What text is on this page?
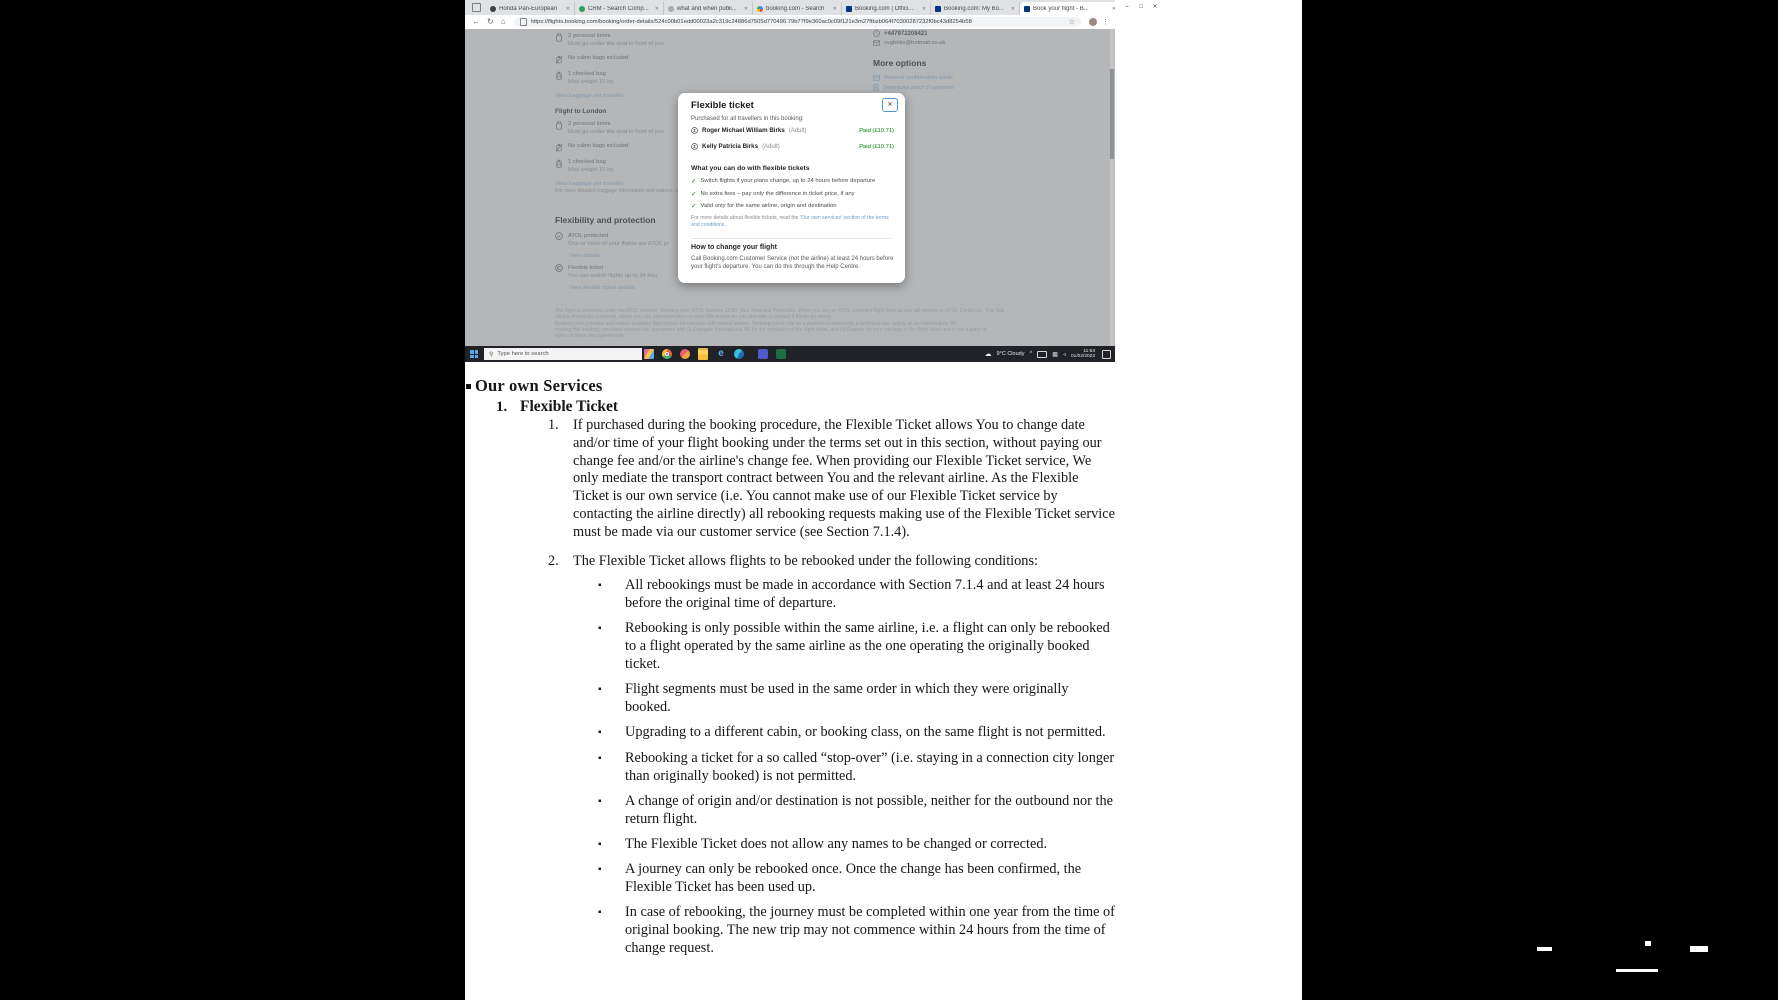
Honda Pan-European	✕	CRM - Search Comp...	✕	what and when publi...	✕	booking.com - Search	✕	Booking.com | Offici...	✕	Booking.com: My Bo...	✕	Book your flight - B...	✕	–	□	✕
← ↻ ⌂	https://flights.booking.com/booking/order-details/524c00b01edd00023a2c319c24886d7505d770496.79b77f9e360ac0c09f121e3m27ftbzb064f70300287232f0bc43d8254b58	☆	⋮
2 personal items
Must go under the seat in front of you
No cabin bags included
1 checked bag
Max weight 10 kg
View baggage per traveller
Flight to London
2 personal items
Must go under the seat in front of you
No cabin bags included
1 checked bag
Max weight 10 kg
View baggage per traveller
For more detailed baggage information and options, c
Flexibility and protection
ATOL protected
One or more of your flights are ATOL pr
View details
Flexible ticket
You can switch flights up to 24 hou
View flexible ticket details
+447972208421
cvgbirks@hotmail.co.uk
More options
Resend confirmation email
Download proof of payment
The flight is protected under the ATOL scheme. Booking.com, ATOL Number 11967 Your Financial Protection. When you buy an ATOL protected flight from us you will receive an ATOL Certificate. This lists
what is financially protected, where you can get information on what this means for you and who to contact if things go wrong.
Booking.com provides and makes available flight tickets for carriage with named airlines. Booking.com's role as a platform is essentially a technical one, acting as an intermediary. By
making this booking, you have entered into agreement with (i) Gotogate International AB for the mediation of the flight ticket, and (ii) Ryanair for your carriage of the flight ticket and is not a party to
either of these two agreements.
Flexible ticket	✕
Purchased for all travellers in this booking:
Roger Michael William Birks (Adult)	Paid (£10.71)
Kelly Patricia Birks (Adult)	Paid (£10.71)
What you can do with flexible tickets
✓ Switch flights if your plans change, up to 24 hours before departure
✓ No extra fees – pay only the difference in ticket price, if any
✓ Valid only for the same airline, origin and destination
For more details about flexible tickets, read the 'Our own services' section of the terms and conditions.
How to change your flight
Call Booking.com Customer Service (not the airline) at least 24 hours before your flight's departure. You can do this through the Help Centre.
⚲ Type here to search	e	☁ 9°C Cloudy ^	▩ ◃
11:53
01/02/2023
Our own Services
1. Flexible Ticket
1. If purchased during the booking procedure, the Flexible Ticket allows You to change date and/or time of your flight booking under the terms set out in this section, without paying our change fee and/or the airline's change fee. When providing our Flexible Ticket service, We only mediate the transport contract between You and the relevant airline. As the Flexible Ticket is our own service (i.e. You cannot make use of our Flexible Ticket service by contacting the airline directly) all rebooking requests making use of the Flexible Ticket service must be made via our customer service (see Section 7.1.4).
2. The Flexible Ticket allows flights to be rebooked under the following conditions:
▪	All rebookings must be made in accordance with Section 7.1.4 and at least 24 hours before the original time of departure.
▪	Rebooking is only possible within the same airline, i.e. a flight can only be rebooked to a flight operated by the same airline as the one operating the originally booked ticket.
▪	Flight segments must be used in the same order in which they were originally booked.
▪	Upgrading to a different cabin, or booking class, on the same flight is not permitted.
▪	Rebooking a ticket for a so called “stop-over” (i.e. staying in a connection city longer than originally booked) is not permitted.
▪	A change of origin and/or destination is not possible, neither for the outbound nor the return flight.
▪	The Flexible Ticket does not allow any names to be changed or corrected.
▪	A journey can only be rebooked once. Once the change has been confirmed, the Flexible Ticket has been used up.
▪	In case of rebooking, the journey must be completed within one year from the time of original booking. The new trip may not commence within 24 hours from the time of change request.
